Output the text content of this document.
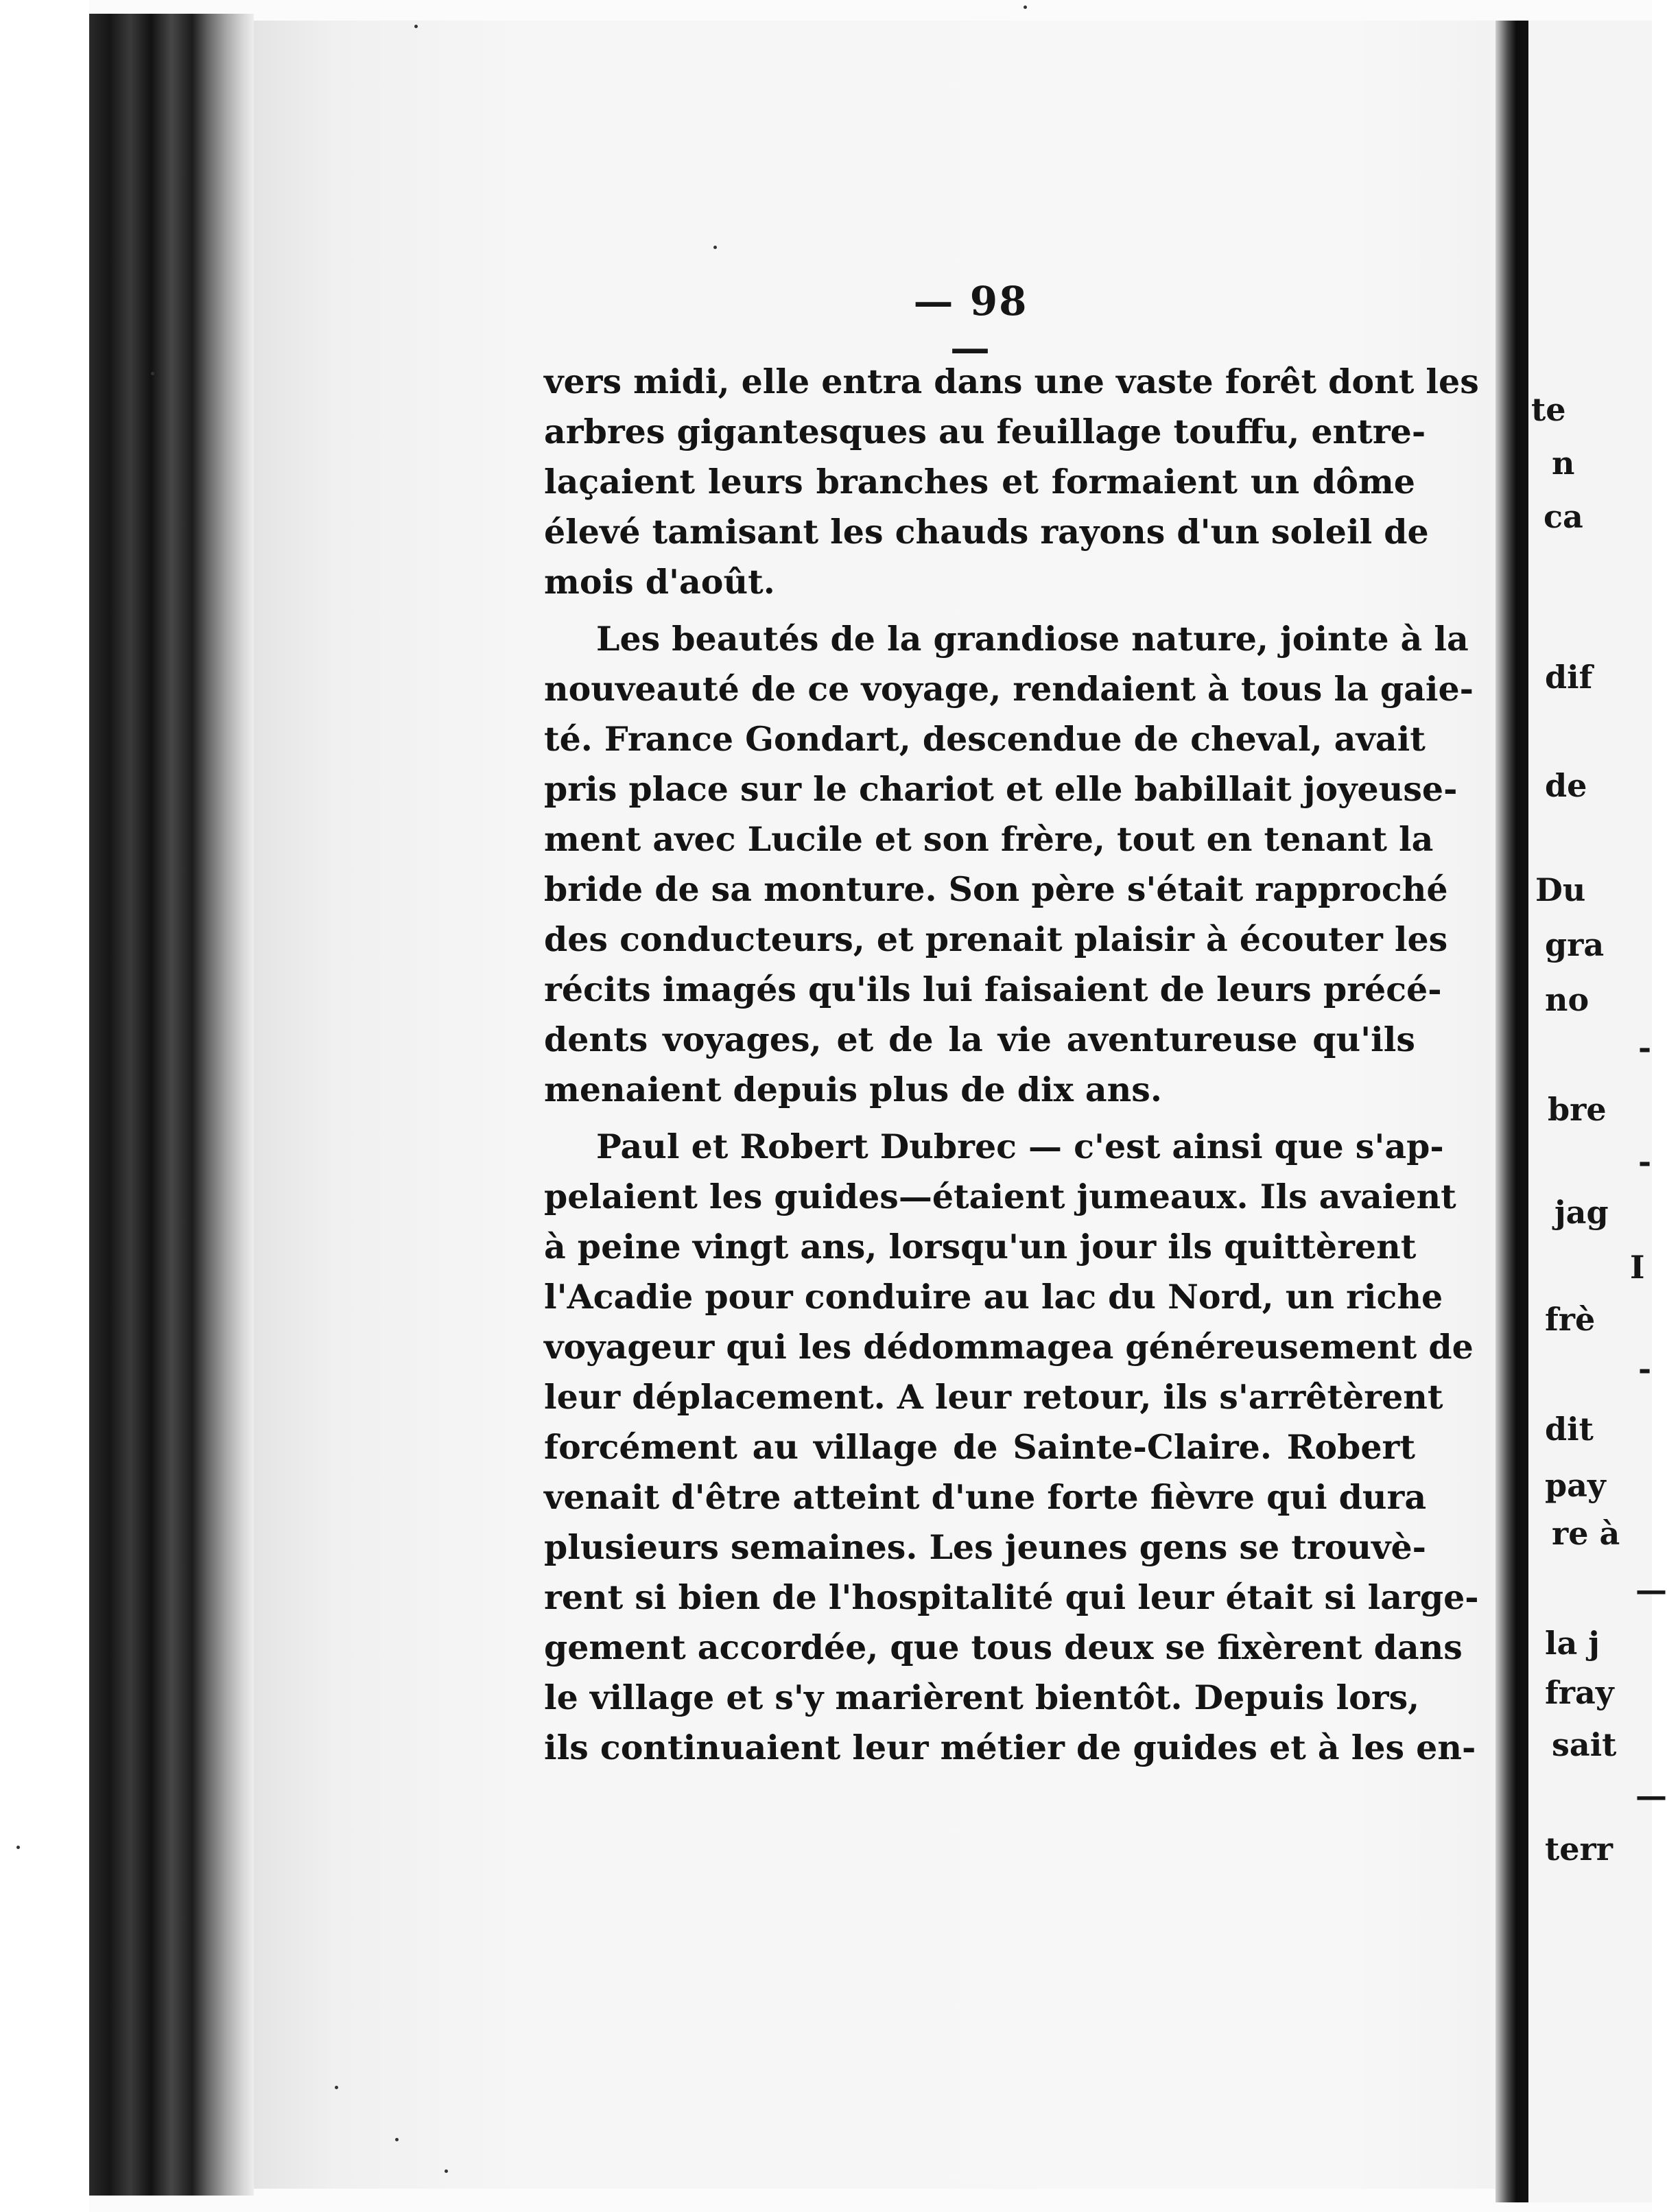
— 98 —
vers midi, elle entra dans une vaste forêt dont les
arbres gigantesques au feuillage touffu, entre-
laçaient leurs branches et formaient un dôme
élevé tamisant les chauds rayons d'un soleil de
mois d'août.
Les beautés de la grandiose nature, jointe à la
nouveauté de ce voyage, rendaient à tous la gaie-
té. France Gondart, descendue de cheval, avait
pris place sur le chariot et elle babillait joyeuse-
ment avec Lucile et son frère, tout en tenant la
bride de sa monture. Son père s'était rapproché
des conducteurs, et prenait plaisir à écouter les
récits imagés qu'ils lui faisaient de leurs précé-
dents voyages, et de la vie aventureuse qu'ils
menaient depuis plus de dix ans.
Paul et Robert Dubrec — c'est ainsi que s'ap-
pelaient les guides—étaient jumeaux. Ils avaient
à peine vingt ans, lorsqu'un jour ils quittèrent
l'Acadie pour conduire au lac du Nord, un riche
voyageur qui les dédommagea généreusement de
leur déplacement. A leur retour, ils s'arrêtèrent
forcément au village de Sainte-Claire. Robert
venait d'être atteint d'une forte fièvre qui dura
plusieurs semaines. Les jeunes gens se trouvè-
rent si bien de l'hospitalité qui leur était si large-
gement accordée, que tous deux se fixèrent dans
le village et s'y marièrent bientôt. Depuis lors,
ils continuaient leur métier de guides et à les en-
te
n
ca
dif
de
Du
gra
no
-
bre
-
jag
I
frè
-
dit
pay
re à
—
la j
fray
sait
—
terr
